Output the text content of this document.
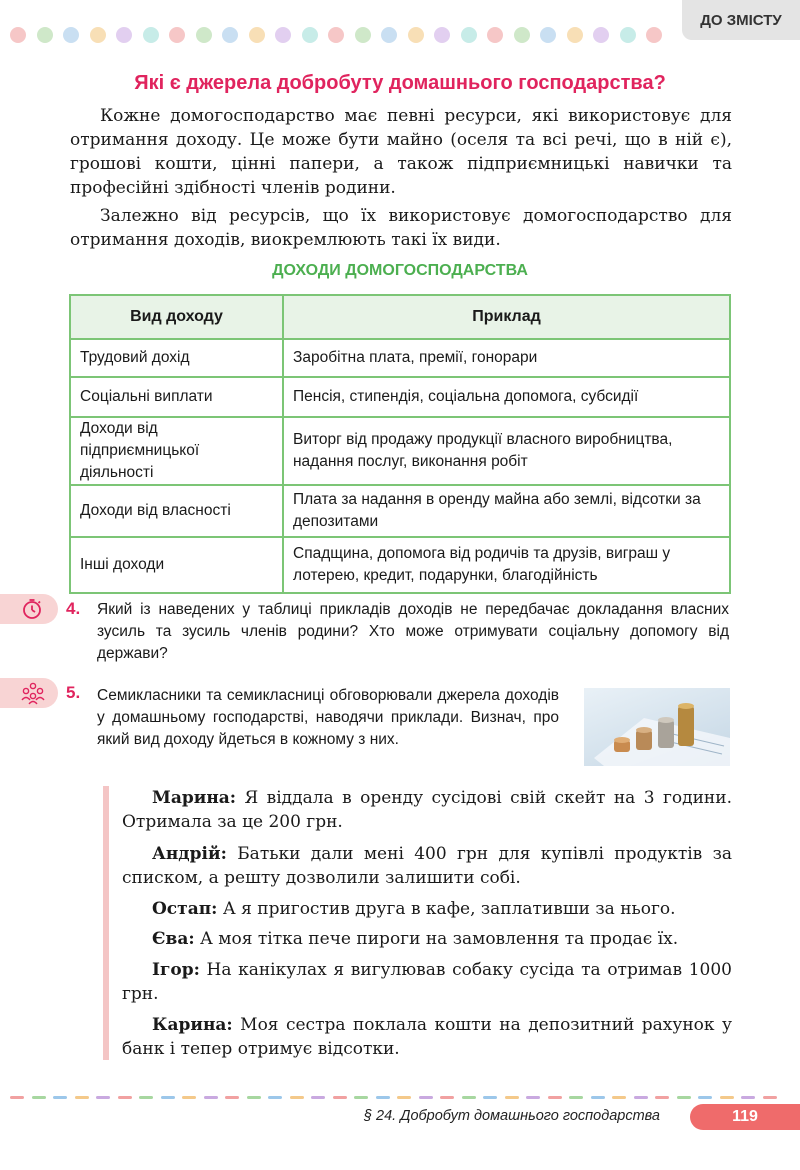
ДО ЗМІСТУ
Які є джерела добробуту домашнього господарства?

Кожне домогосподарство має певні ресурси, які використовує для отримання доходу. Це може бути майно (оселя та всі речі, що в ній є), грошові кошти, цінні папери, а також підприємницькі навички та професійні здібності членів родини.

Залежно від ресурсів, що їх використовує домогосподарство для отримання доходів, виокремлюють такі їх види.

ДОХОДИ ДОМОГОСПОДАРСТВА
Вид доходу	Приклад
Трудовий дохід	Заробітна плата, премії, гонорари
Соціальні виплати	Пенсія, стипендія, соціальна допомога, субсидії
Доходи від підприємницької діяльності	Виторг від продажу продукції власного виробництва, надання послуг, виконання робіт
Доходи від власності	Плата за надання в оренду майна або землі, відсотки за депозитами
Інші доходи	Спадщина, допомога від родичів та друзів, виграш у лотерею, кредит, подарунки, благодійність
4. Який із наведених у таблиці прикладів доходів не передбачає докладання власних зусиль та зусиль членів родини? Хто може отримувати соціальну допомогу від держави?
5. Семикласники та семикласниці обговорювали джерела доходів у домашньому господарстві, наводячи приклади. Визнач, про який вид доходу йдеться в кожному з них.

Марина: Я віддала в оренду сусідові свій скейт на 3 години. Отримала за це 200 грн.

Андрій: Батьки дали мені 400 грн для купівлі продуктів за списком, а решту дозволили залишити собі.

Остап: А я пригостив друга в кафе, заплативши за нього.

Єва: А моя тітка пече пироги на замовлення та продає їх.

Ігор: На канікулах я вигулював собаку сусіда та отримав 1000 грн.

Карина: Моя сестра поклала кошти на депозитний рахунок у банк і тепер отримує відсотки.

§ 24. Добробут домашнього господарства	119
